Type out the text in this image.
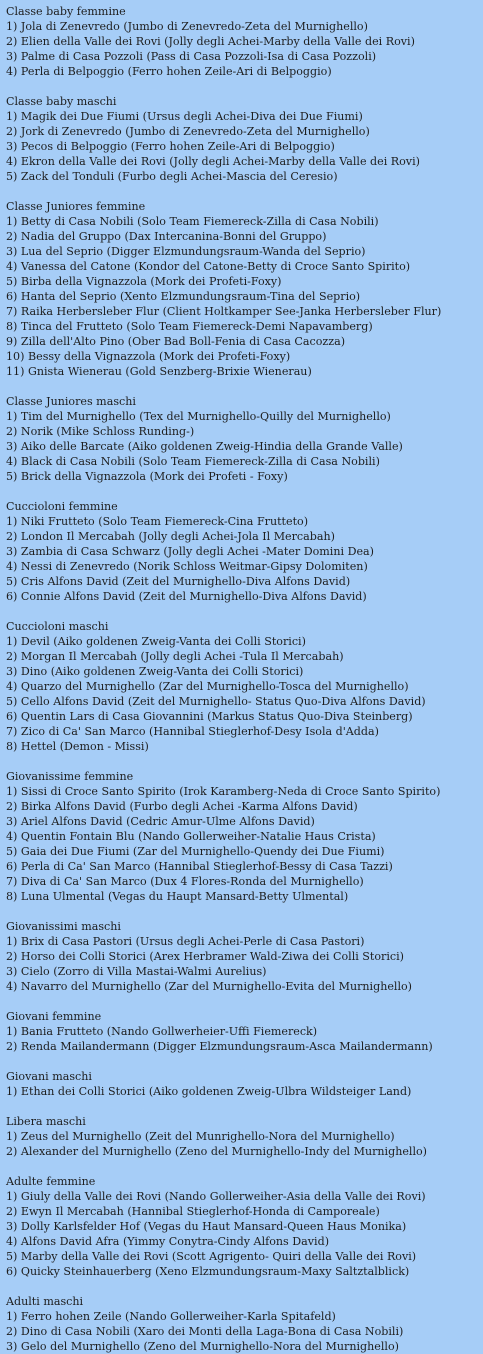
Classe baby femmine
1) Jola di Zenevredo (Jumbo di Zenevredo-Zeta del Murnighello)
2) Elien della Valle dei Rovi (Jolly degli Achei-Marby della Valle dei Rovi)
3) Palme di Casa Pozzoli (Pass di Casa Pozzoli-Isa di Casa Pozzoli)
4) Perla di Belpoggio (Ferro hohen Zeile-Ari di Belpoggio)
Classe baby maschi
1) Magik dei Due Fiumi (Ursus degli Achei-Diva dei Due Fiumi)
2) Jork di Zenevredo (Jumbo di Zenevredo-Zeta del Murnighello)
3) Pecos di Belpoggio (Ferro hohen Zeile-Ari di Belpoggio)
4) Ekron della Valle dei Rovi (Jolly degli Achei-Marby della Valle dei Rovi)
5) Zack del Tonduli (Furbo degli Achei-Mascia del Ceresio)
Classe Juniores femmine
1) Betty di Casa Nobili (Solo Team Fiemereck-Zilla di Casa Nobili)
2) Nadia del Gruppo (Dax Intercanina-Bonni del Gruppo)
3) Lua del Seprio (Digger Elzmundungsraum-Wanda del Seprio)
4) Vanessa del Catone (Kondor del Catone-Betty di Croce Santo Spirito)
5) Birba della Vignazzola (Mork dei Profeti-Foxy)
6) Hanta del Seprio (Xento Elzmundungsraum-Tina del Seprio)
7) Raika Herbersleber Flur (Client Holtkamper See-Janka Herbersleber Flur)
8) Tinca del Frutteto (Solo Team Fiemereck-Demi Napavamberg)
9) Zilla dell'Alto Pino (Ober Bad Boll-Fenia di Casa Cacozza)
10) Bessy della Vignazzola (Mork dei Profeti-Foxy)
11) Gnista Wienerau (Gold Senzberg-Brixie Wienerau)
Classe Juniores maschi
1) Tim del Murnighello (Tex del Murnighello-Quilly del Murnighello)
2) Norik (Mike Schloss Runding-)
3) Aiko delle Barcate (Aiko goldenen Zweig-Hindia della Grande Valle)
4) Black di Casa Nobili (Solo Team Fiemereck-Zilla di Casa Nobili)
5) Brick della Vignazzola (Mork dei Profeti - Foxy)
Cuccioloni femmine
1) Niki Frutteto (Solo Team Fiemereck-Cina Frutteto)
2) London Il Mercabah (Jolly degli Achei-Jola Il Mercabah)
3) Zambia di Casa Schwarz (Jolly degli Achei -Mater Domini Dea)
4) Nessi di Zenevredo (Norik Schloss Weitmar-Gipsy Dolomiten)
5) Cris Alfons David (Zeit del Murnighello-Diva Alfons David)
6) Connie Alfons David (Zeit del Murnighello-Diva Alfons David)
Cuccioloni maschi
1) Devil (Aiko goldenen Zweig-Vanta dei Colli Storici)
2) Morgan Il Mercabah (Jolly degli Achei -Tula Il Mercabah)
3) Dino (Aiko goldenen Zweig-Vanta dei Colli Storici)
4) Quarzo del Murnighello (Zar del Murnighello-Tosca del Murnighello)
5) Cello Alfons David (Zeit del Murnighello- Status Quo-Diva Alfons David)
6) Quentin Lars di Casa Giovannini (Markus Status Quo-Diva Steinberg)
7) Zico di Ca' San Marco (Hannibal Stieglerhof-Desy Isola d'Adda)
8) Hettel (Demon - Missi)
Giovanissime femmine
1) Sissi di Croce Santo Spirito (Irok Karamberg-Neda di Croce Santo Spirito)
2) Birka Alfons David (Furbo degli Achei -Karma Alfons David)
3) Ariel Alfons David (Cedric Amur-Ulme Alfons David)
4) Quentin Fontain Blu (Nando Gollerweiher-Natalie Haus Crista)
5) Gaia dei Due Fiumi (Zar del Murnighello-Quendy dei Due Fiumi)
6) Perla di Ca' San Marco (Hannibal Stieglerhof-Bessy di Casa Tazzi)
7) Diva di Ca' San Marco (Dux 4 Flores-Ronda del Murnighello)
8) Luna Ulmental (Vegas du Haupt Mansard-Betty Ulmental)
Giovanissimi maschi
1) Brix di Casa Pastori (Ursus degli Achei-Perle di Casa Pastori)
2) Horso dei Colli Storici (Arex Herbramer Wald-Ziwa dei Colli Storici)
3) Cielo (Zorro di Villa Mastai-Walmi Aurelius)
4) Navarro del Murnighello (Zar del Murnighello-Evita del Murnighello)
Giovani femmine
1) Bania Frutteto (Nando Gollwerheier-Uffi Fiemereck)
2) Renda Mailandermann (Digger Elzmundungsraum-Asca Mailandermann)
Giovani maschi
1) Ethan dei Colli Storici (Aiko goldenen Zweig-Ulbra Wildsteiger Land)
Libera maschi
1) Zeus del Murnighello (Zeit del Munrighello-Nora del Murnighello)
2) Alexander del Murnighello (Zeno del Murnighello-Indy del Murnighello)
Adulte femmine
1) Giuly della Valle dei Rovi (Nando Gollerweiher-Asia della Valle dei Rovi)
2) Ewyn Il Mercabah (Hannibal Stieglerhof-Honda di Camporeale)
3) Dolly Karlsfelder Hof (Vegas du Haut Mansard-Queen Haus Monika)
4) Alfons David Afra (Yimmy Conytra-Cindy Alfons David)
5) Marby della Valle dei Rovi (Scott Agrigento- Quiri della Valle dei Rovi)
6) Quicky Steinhauerberg (Xeno Elzmundungsraum-Maxy Saltztalblick)
Adulti maschi
1) Ferro hohen Zeile (Nando Gollerweiher-Karla Spitafeld)
2) Dino di Casa Nobili (Xaro dei Monti della Laga-Bona di Casa Nobili)
3) Gelo del Murnighello (Zeno del Murnighello-Nora del Murnighello)
